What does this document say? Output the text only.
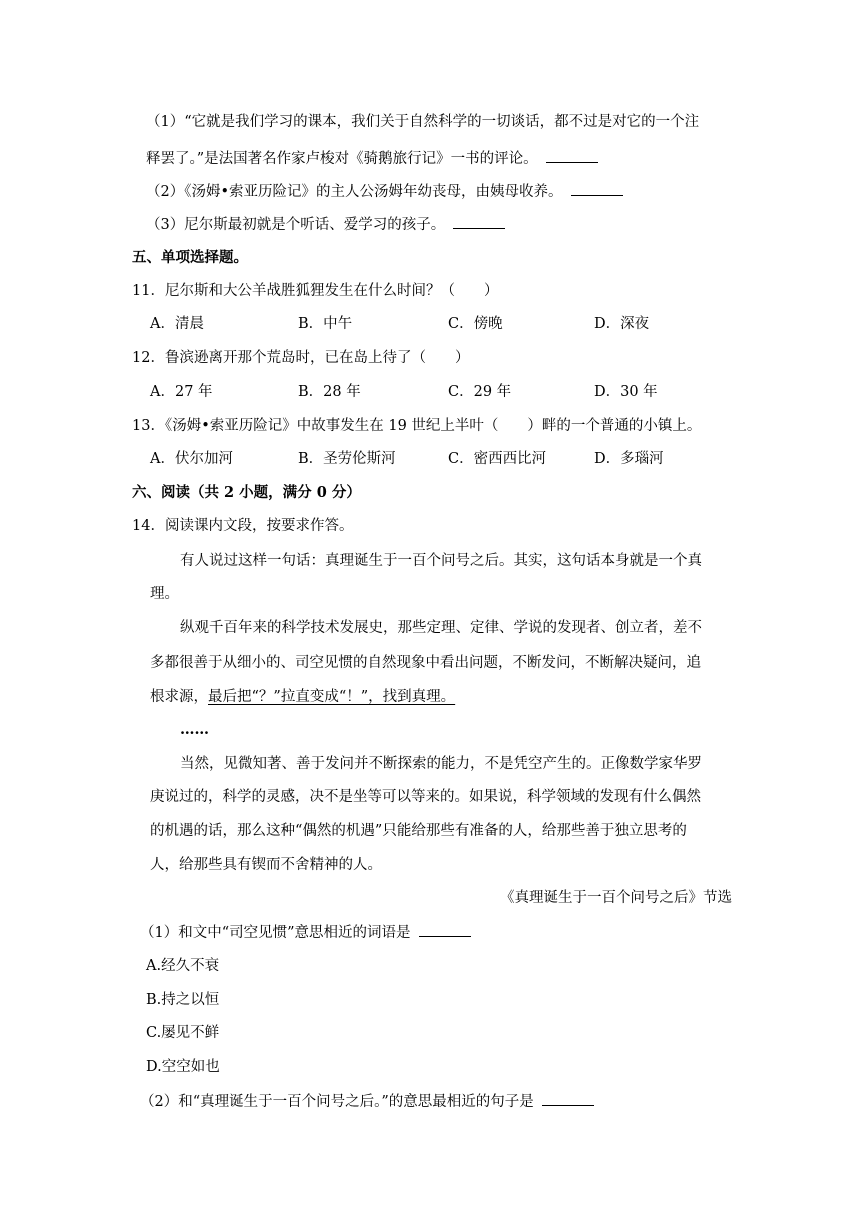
（1）“它就是我们学习的课本，我们关于自然科学的一切谈话，都不过是对它的一个注
释罢了。”是法国著名作家卢梭对《骑鹅旅行记》一书的评论。
（2）《汤姆•索亚历险记》的主人公汤姆年幼丧母，由姨母收养。
（3）尼尔斯最初就是个听话、爱学习的孩子。
五、单项选择题。
11．尼尔斯和大公羊战胜狐狸发生在什么时间？（　　）
A．清晨	B．中午	C．傍晚	D．深夜
12．鲁滨逊离开那个荒岛时，已在岛上待了（　　）
A．27 年	B．28 年	C．29 年	D．30 年
13．《汤姆•索亚历险记》中故事发生在 19 世纪上半叶（　　）畔的一个普通的小镇上。
A．伏尔加河	B．圣劳伦斯河	C．密西西比河	D．多瑙河
六、阅读（共 2 小题，满分 0 分）
14．阅读课内文段，按要求作答。
有人说过这样一句话：真理诞生于一百个问号之后。其实，这句话本身就是一个真
理。
纵观千百年来的科学技术发展史，那些定理、定律、学说的发现者、创立者，差不
多都很善于从细小的、司空见惯的自然现象中看出问题，不断发问，不断解决疑问，追
根求源，最后把“？”拉直变成“！”，找到真理。
……
当然，见微知著、善于发问并不断探索的能力，不是凭空产生的。正像数学家华罗
庚说过的，科学的灵感，决不是坐等可以等来的。如果说，科学领域的发现有什么偶然
的机遇的话，那么这种“偶然的机遇”只能给那些有准备的人，给那些善于独立思考的
人，给那些具有锲而不舍精神的人。
《真理诞生于一百个问号之后》节选
（1）和文中“司空见惯”意思相近的词语是
A.经久不衰
B.持之以恒
C.屡见不鲜
D.空空如也
（2）和“真理诞生于一百个问号之后。”的意思最相近的句子是
